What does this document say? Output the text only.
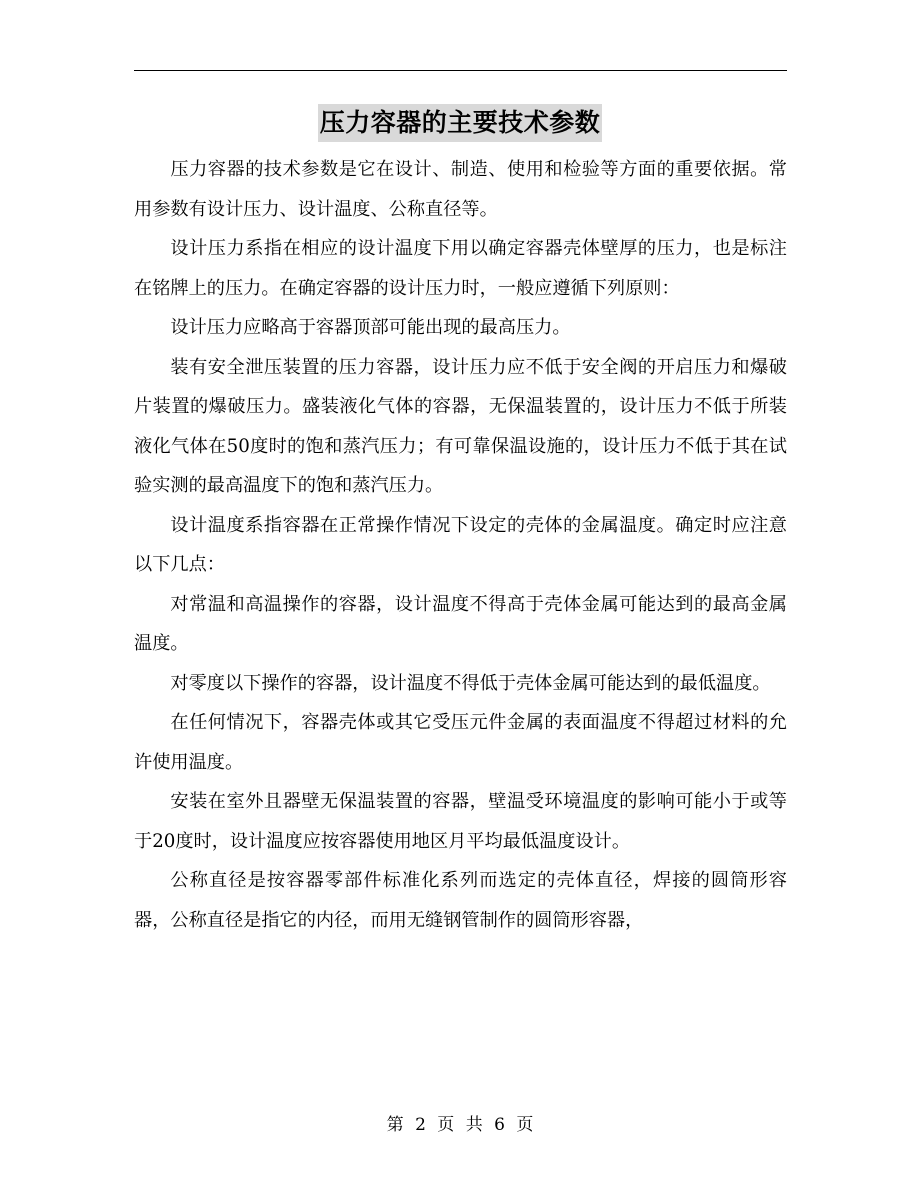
压力容器的主要技术参数

压力容器的技术参数是它在设计、制造、使用和检验等方面的重要依据。常用参数有设计压力、设计温度、公称直径等。

设计压力系指在相应的设计温度下用以确定容器壳体壁厚的压力，也是标注在铭牌上的压力。在确定容器的设计压力时，一般应遵循下列原则：

设计压力应略高于容器顶部可能出现的最高压力。

装有安全泄压装置的压力容器，设计压力应不低于安全阀的开启压力和爆破片装置的爆破压力。盛装液化气体的容器，无保温装置的，设计压力不低于所装液化气体在50度时的饱和蒸汽压力；有可靠保温设施的，设计压力不低于其在试验实测的最高温度下的饱和蒸汽压力。

设计温度系指容器在正常操作情况下设定的壳体的金属温度。确定时应注意以下几点：

对常温和高温操作的容器，设计温度不得高于壳体金属可能达到的最高金属温度。

对零度以下操作的容器，设计温度不得低于壳体金属可能达到的最低温度。

在任何情况下，容器壳体或其它受压元件金属的表面温度不得超过材料的允许使用温度。

安装在室外且器壁无保温装置的容器，壁温受环境温度的影响可能小于或等于20度时，设计温度应按容器使用地区月平均最低温度设计。

公称直径是按容器零部件标准化系列而选定的壳体直径，焊接的圆筒形容器，公称直径是指它的内径，而用无缝钢管制作的圆筒形容器，

第 2 页 共 6 页
